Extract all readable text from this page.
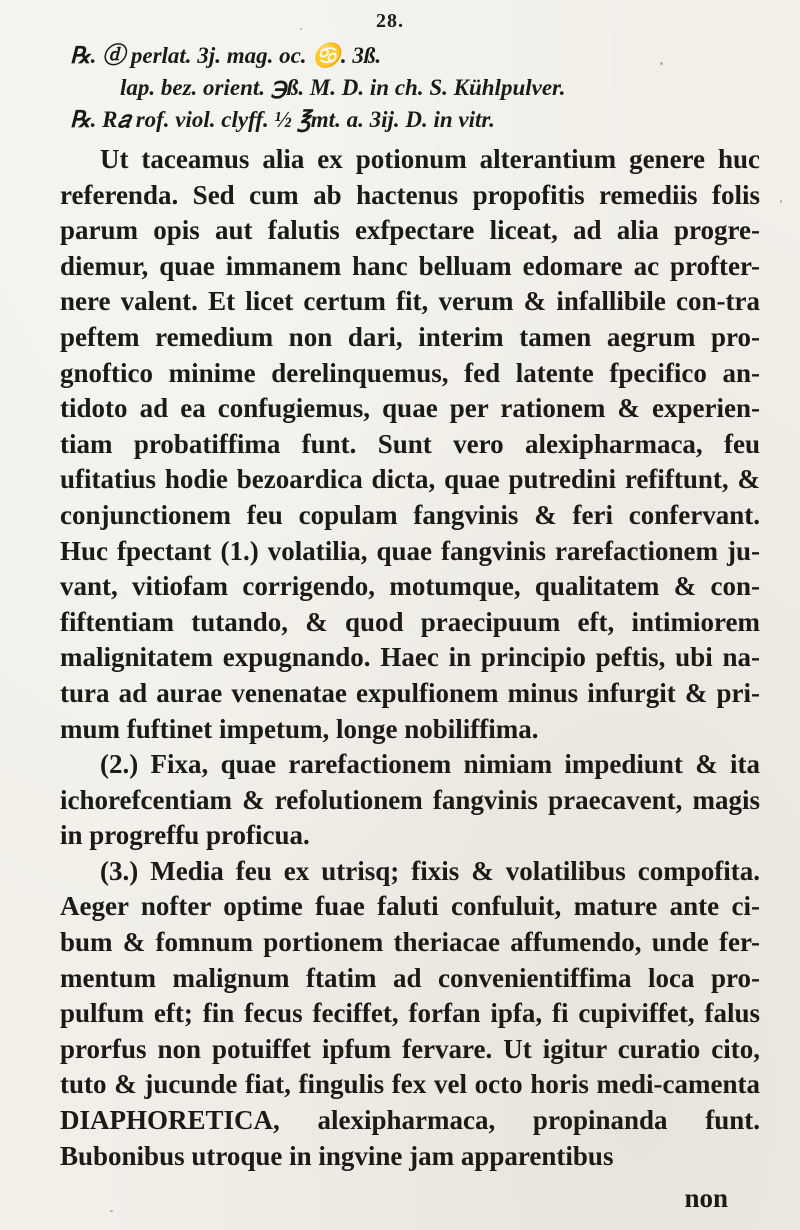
28.
℞. ⓓ perlat. 3j. mag. oc. ♋. 3ß.
lap. bez. orient. ℈ß. M. D. in ch. S. Kühlpulver.
℞. R𝑎 rof. viol. clyff. ½ ℥mt. a. 3ij. D. in vitr.

Ut taceamus alia ex potionum alterantium genere huc referenda. Sed cum ab hactenus propofitis remediis folis parum opis aut falutis exfpectare liceat, ad alia progre-diemur, quae immanem hanc belluam edomare ac profter-nere valent. Et licet certum fit, verum & infallibile con-tra peftem remedium non dari, interim tamen aegrum pro-gnoftico minime derelinquemus, fed latente fpecifico an-tidoto ad ea confugiemus, quae per rationem & experien-tiam probatiffima funt. Sunt vero alexipharmaca, feu ufitatius hodie bezoardica dicta, quae putredini refiftunt, & conjunctionem feu copulam fangvinis & feri confervant. Huc fpectant (1.) volatilia, quae fangvinis rarefactionem ju-vant, vitiofam corrigendo, motumque, qualitatem & con-fiftentiam tutando, & quod praecipuum eft, intimiorem malignitatem expugnando. Haec in principio peftis, ubi na-tura ad aurae venenatae expulfionem minus infurgit & pri-mum fuftinet impetum, longe nobiliffima.

(2.) Fixa, quae rarefactionem nimiam impediunt & ita ichorefcentiam & refolutionem fangvinis praecavent, magis in progreffu proficua.

(3.) Media feu ex utrisq; fixis & volatilibus compofita. Aeger nofter optime fuae faluti confuluit, mature ante ci-bum & fomnum portionem theriacae affumendo, unde fer-mentum malignum ftatim ad convenientiffima loca pro-pulfum eft; fin fecus feciffet, forfan ipfa, fi cupiviffet, falus prorfus non potuiffet ipfum fervare. Ut igitur curatio cito, tuto & jucunde fiat, fingulis fex vel octo horis medi-camenta DIAPHORETICA, alexipharmaca, propinanda funt. Bubonibus utroque in ingvine jam apparentibus

non
